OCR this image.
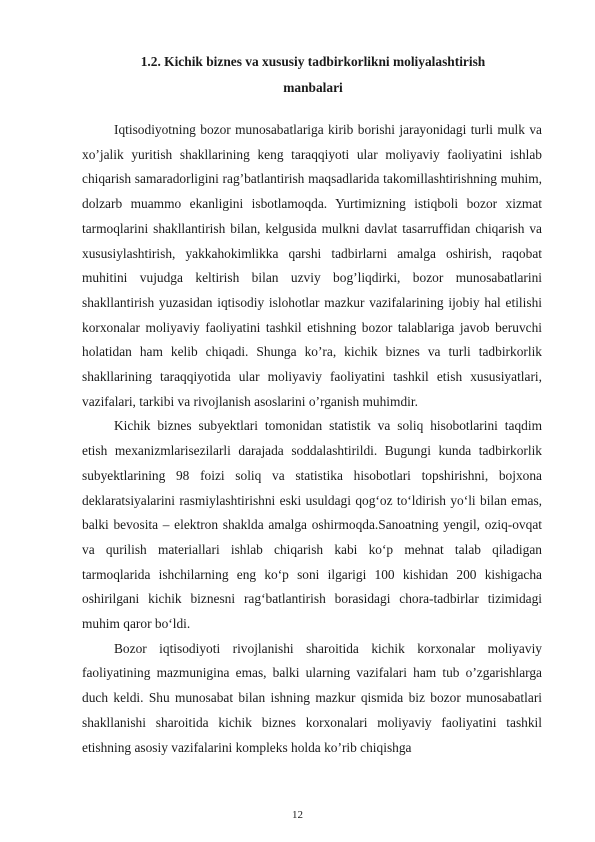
1.2. Kichik biznes va xususiy tadbirkorlikni moliyalashtirish
manbalari

Iqtisodiyotning bozor munosabatlariga kirib borishi jarayonidagi turli mulk va xo’jalik yuritish shakllarining keng taraqqiyoti ular moliyaviy faoliyatini ishlab chiqarish samaradorligini rag’batlantirish maqsadlarida takomillashtirishning muhim, dolzarb muammo ekanligini isbotlamoqda. Yurtimizning istiqboli bozor xizmat tarmoqlarini shakllantirish bilan, kelgusida mulkni davlat tasarruffidan chiqarish va xususiylashtirish, yakkahokimlikka qarshi tadbirlarni amalga oshirish, raqobat muhitini vujudga keltirish bilan uzviy bog’liqdirki, bozor munosabatlarini shakllantirish yuzasidan iqtisodiy islohotlar mazkur vazifalarining ijobiy hal etilishi korxonalar moliyaviy faoliyatini tashkil etishning bozor talablariga javob beruvchi holatidan ham kelib chiqadi. Shunga ko’ra, kichik biznes va turli tadbirkorlik shakllarining taraqqiyotida ular moliyaviy faoliyatini tashkil etish xususiyatlari, vazifalari, tarkibi va rivojlanish asoslarini o’rganish muhimdir.

Kichik biznes subyektlari tomonidan statistik va soliq hisobotlarini taqdim etish mexanizmlarisezilarli darajada soddalashtirildi. Bugungi kunda tadbirkorlik subyektlarining 98 foizi soliq va statistika hisobotlari topshirishni, bojxona deklaratsiyalarini rasmiylashtirishni eski usuldagi qog‘oz to‘ldirish yo‘li bilan emas, balki bevosita – elektron shaklda amalga oshirmoqda.Sanoatning yengil, oziq-ovqat va qurilish materiallari ishlab chiqarish kabi ko‘p mehnat talab qiladigan tarmoqlarida ishchilarning eng ko‘p soni ilgarigi 100 kishidan 200 kishigacha oshirilgani kichik biznesni rag‘batlantirish borasidagi chora-tadbirlar tizimidagi muhim qaror bo‘ldi.

Bozor iqtisodiyoti rivojlanishi sharoitida kichik korxonalar moliyaviy faoliyatining mazmunigina emas, balki ularning vazifalari ham tub o’zgarishlarga duch keldi. Shu munosabat bilan ishning mazkur qismida biz bozor munosabatlari shakllanishi sharoitida kichik biznes korxonalari moliyaviy faoliyatini tashkil etishning asosiy vazifalarini kompleks holda ko’rib chiqishga

12
